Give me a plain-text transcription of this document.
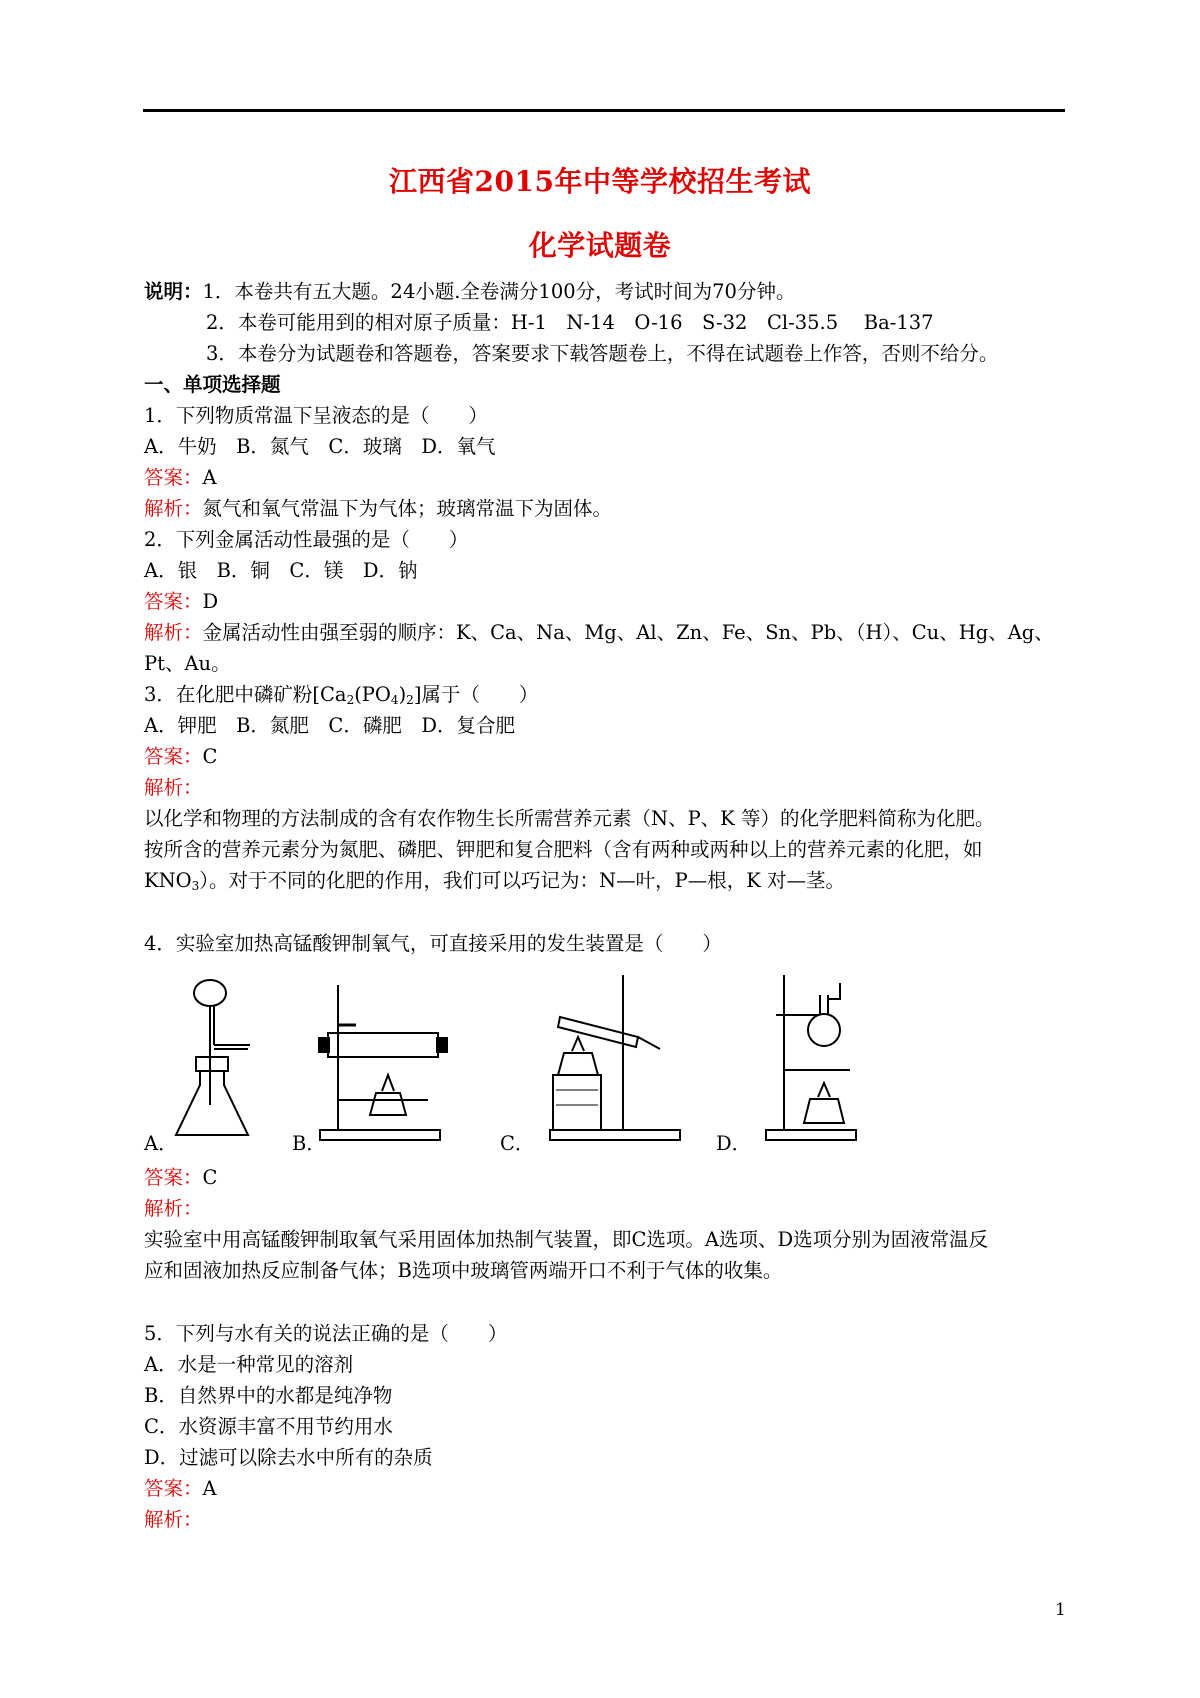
江西省2015年中等学校招生考试
化学试题卷
说明：1．本卷共有五大题。24小题.全卷满分100分，考试时间为70分钟。
2．本卷可能用到的相对原子质量：H-1　N-14　O-16　S-32　Cl-35.5　 Ba-137
3．本卷分为试题卷和答题卷，答案要求下载答题卷上，不得在试题卷上作答，否则不给分。
一、单项选择题
1．下列物质常温下呈液态的是（　　）
A．牛奶　B．氮气　C．玻璃　D．氧气
答案：A
解析：氮气和氧气常温下为气体；玻璃常温下为固体。
2．下列金属活动性最强的是（　　）
A．银　B．铜　C．镁　D．钠
答案：D
解析：金属活动性由强至弱的顺序：K、Ca、Na、Mg、Al、Zn、Fe、Sn、Pb、（H）、Cu、Hg、Ag、
Pt、Au。
3．在化肥中磷矿粉$[Ca_2(PO_4)_2]$属于（　　）
A．钾肥　B．氮肥　C．磷肥　D．复合肥
答案：C
解析：
以化学和物理的方法制成的含有农作物生长所需营养元素（N、P、K 等）的化学肥料简称为化肥。
按所含的营养元素分为氮肥、磷肥、钾肥和复合肥料（含有两种或两种以上的营养元素的化肥，如
$KNO_3$）。对于不同的化肥的作用，我们可以巧记为：N—叶，P—根，K 对—茎。
4．实验室加热高锰酸钾制氧气，可直接采用的发生装置是（　　）
A．	B．	C．	D．
答案：C
解析：
实验室中用高锰酸钾制取氧气采用固体加热制气装置，即C选项。A选项、D选项分别为固液常温反
应和固液加热反应制备气体；B选项中玻璃管两端开口不利于气体的收集。
5．下列与水有关的说法正确的是（　　）
A．水是一种常见的溶剂
B．自然界中的水都是纯净物
C．水资源丰富不用节约用水
D．过滤可以除去水中所有的杂质
答案：A
解析：
1
